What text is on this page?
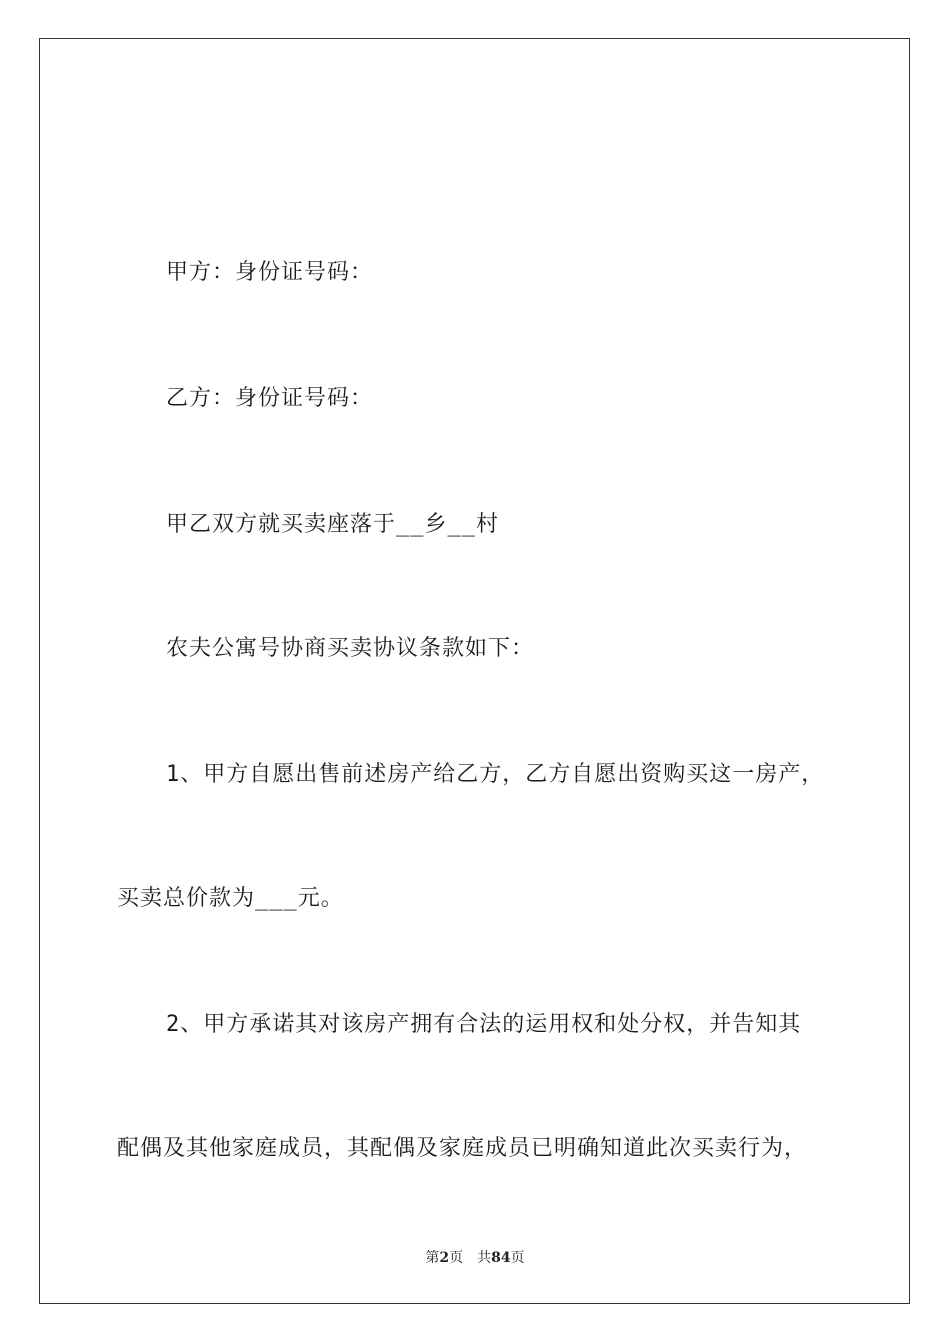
甲方：身份证号码：
乙方：身份证号码：
甲乙双方就买卖座落于__乡__村
农夫公寓号协商买卖协议条款如下：
1、甲方自愿出售前述房产给乙方，乙方自愿出资购买这一房产，
买卖总价款为___元。
2、甲方承诺其对该房产拥有合法的运用权和处分权，并告知其
配偶及其他家庭成员，其配偶及家庭成员已明确知道此次买卖行为，
第2页 共84页
